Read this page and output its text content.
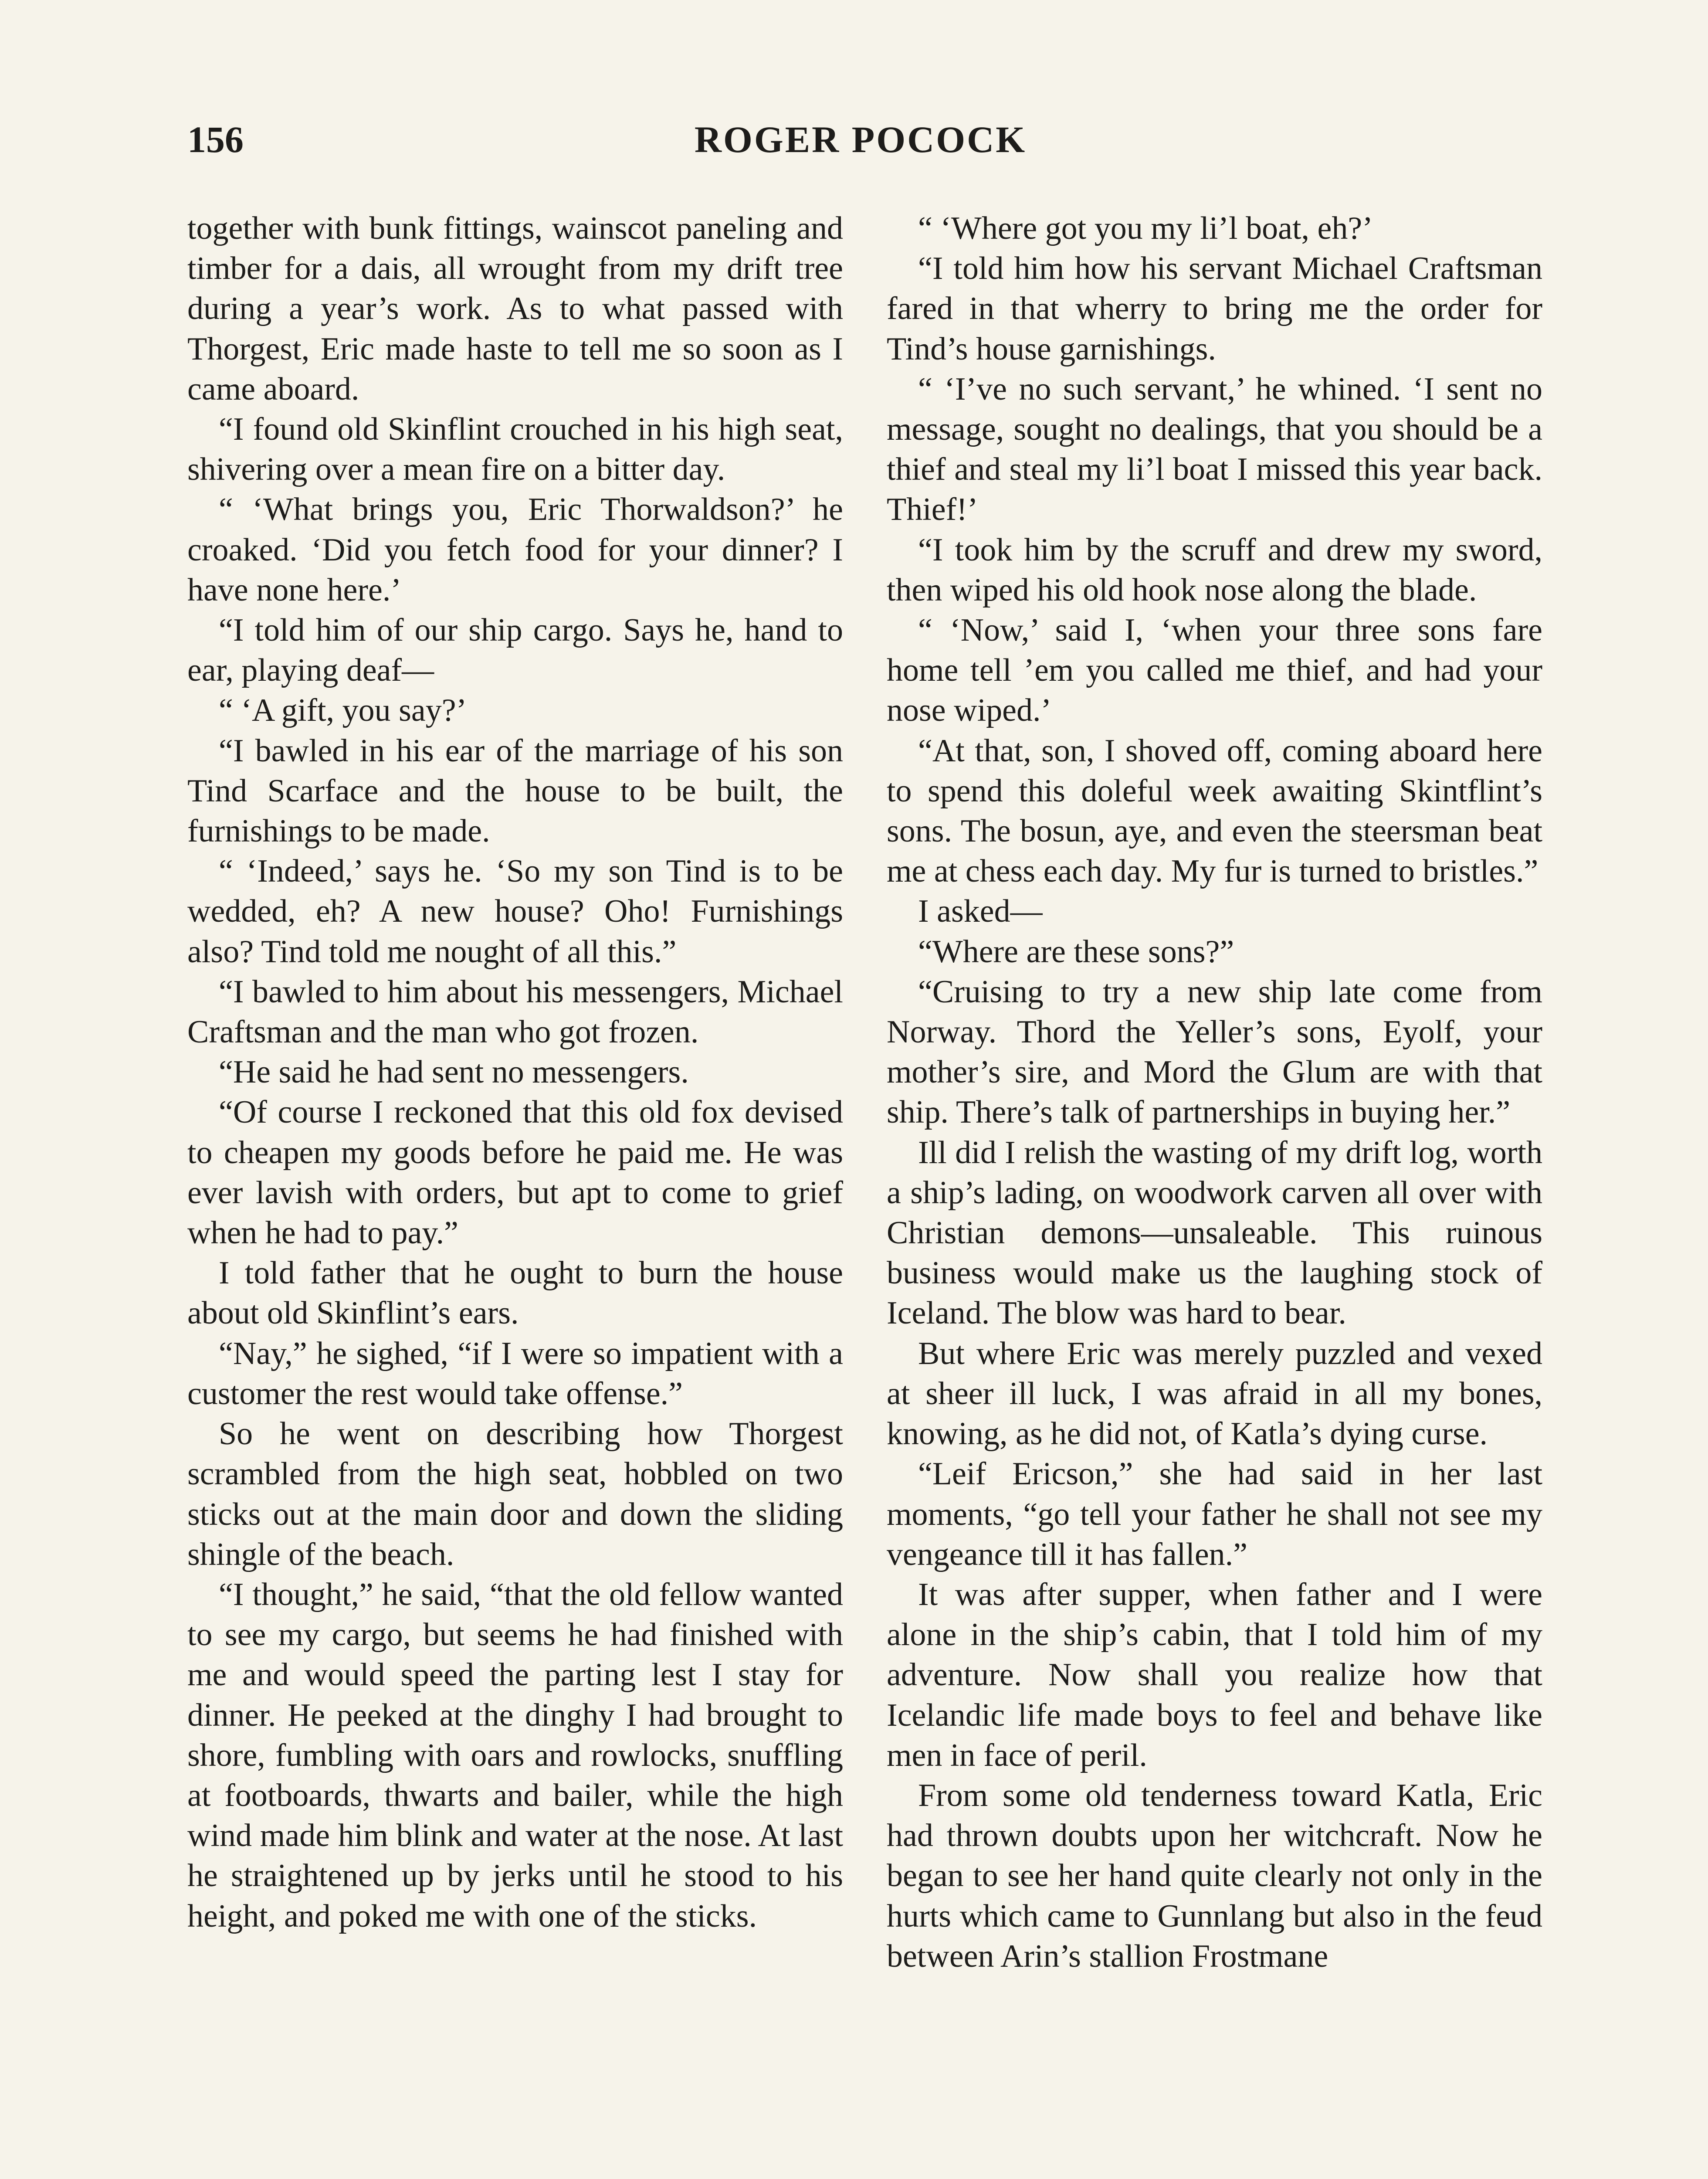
156	ROGER POCOCK

together with bunk fittings, wainscot paneling and timber for a dais, all wrought from my drift tree during a year’s work. As to what passed with Thorgest, Eric made haste to tell me so soon as I came aboard.

“I found old Skinflint crouched in his high seat, shivering over a mean fire on a bitter day.

“ ‘What brings you, Eric Thorwaldson?’ he croaked. ‘Did you fetch food for your dinner? I have none here.’

“I told him of our ship cargo. Says he, hand to ear, playing deaf—

“ ‘A gift, you say?’

“I bawled in his ear of the marriage of his son Tind Scarface and the house to be built, the furnishings to be made.

“ ‘Indeed,’ says he. ‘So my son Tind is to be wedded, eh? A new house? Oho! Furnishings also? Tind told me nought of all this.”

“I bawled to him about his messengers, Michael Craftsman and the man who got frozen.

“He said he had sent no messengers.

“Of course I reckoned that this old fox devised to cheapen my goods before he paid me. He was ever lavish with orders, but apt to come to grief when he had to pay.”

I told father that he ought to burn the house about old Skinflint’s ears.

“Nay,” he sighed, “if I were so impatient with a customer the rest would take offense.”

So he went on describing how Thorgest scrambled from the high seat, hobbled on two sticks out at the main door and down the sliding shingle of the beach.

“I thought,” he said, “that the old fellow wanted to see my cargo, but seems he had finished with me and would speed the parting lest I stay for dinner. He peeked at the dinghy I had brought to shore, fumbling with oars and rowlocks, snuffling at footboards, thwarts and bailer, while the high wind made him blink and water at the nose. At last he straightened up by jerks until he stood to his height, and poked me with one of the sticks.

“ ‘Where got you my li’l boat, eh?’

“I told him how his servant Michael Craftsman fared in that wherry to bring me the order for Tind’s house garnishings.

“ ‘I’ve no such servant,’ he whined. ‘I sent no message, sought no dealings, that you should be a thief and steal my li’l boat I missed this year back. Thief!’

“I took him by the scruff and drew my sword, then wiped his old hook nose along the blade.

“ ‘Now,’ said I, ‘when your three sons fare home tell ’em you called me thief, and had your nose wiped.’

“At that, son, I shoved off, coming aboard here to spend this doleful week awaiting Skintflint’s sons. The bosun, aye, and even the steersman beat me at chess each day. My fur is turned to bristles.”

I asked—

“Where are these sons?”

“Cruising to try a new ship late come from Norway. Thord the Yeller’s sons, Eyolf, your mother’s sire, and Mord the Glum are with that ship. There’s talk of partnerships in buying her.”

Ill did I relish the wasting of my drift log, worth a ship’s lading, on woodwork carven all over with Christian demons—unsaleable. This ruinous business would make us the laughing stock of Iceland. The blow was hard to bear.

But where Eric was merely puzzled and vexed at sheer ill luck, I was afraid in all my bones, knowing, as he did not, of Katla’s dying curse.

“Leif Ericson,” she had said in her last moments, “go tell your father he shall not see my vengeance till it has fallen.”

It was after supper, when father and I were alone in the ship’s cabin, that I told him of my adventure. Now shall you realize how that Icelandic life made boys to feel and behave like men in face of peril.

From some old tenderness toward Katla, Eric had thrown doubts upon her witchcraft. Now he began to see her hand quite clearly not only in the hurts which came to Gunnlang but also in the feud between Arin’s stallion Frostmane
